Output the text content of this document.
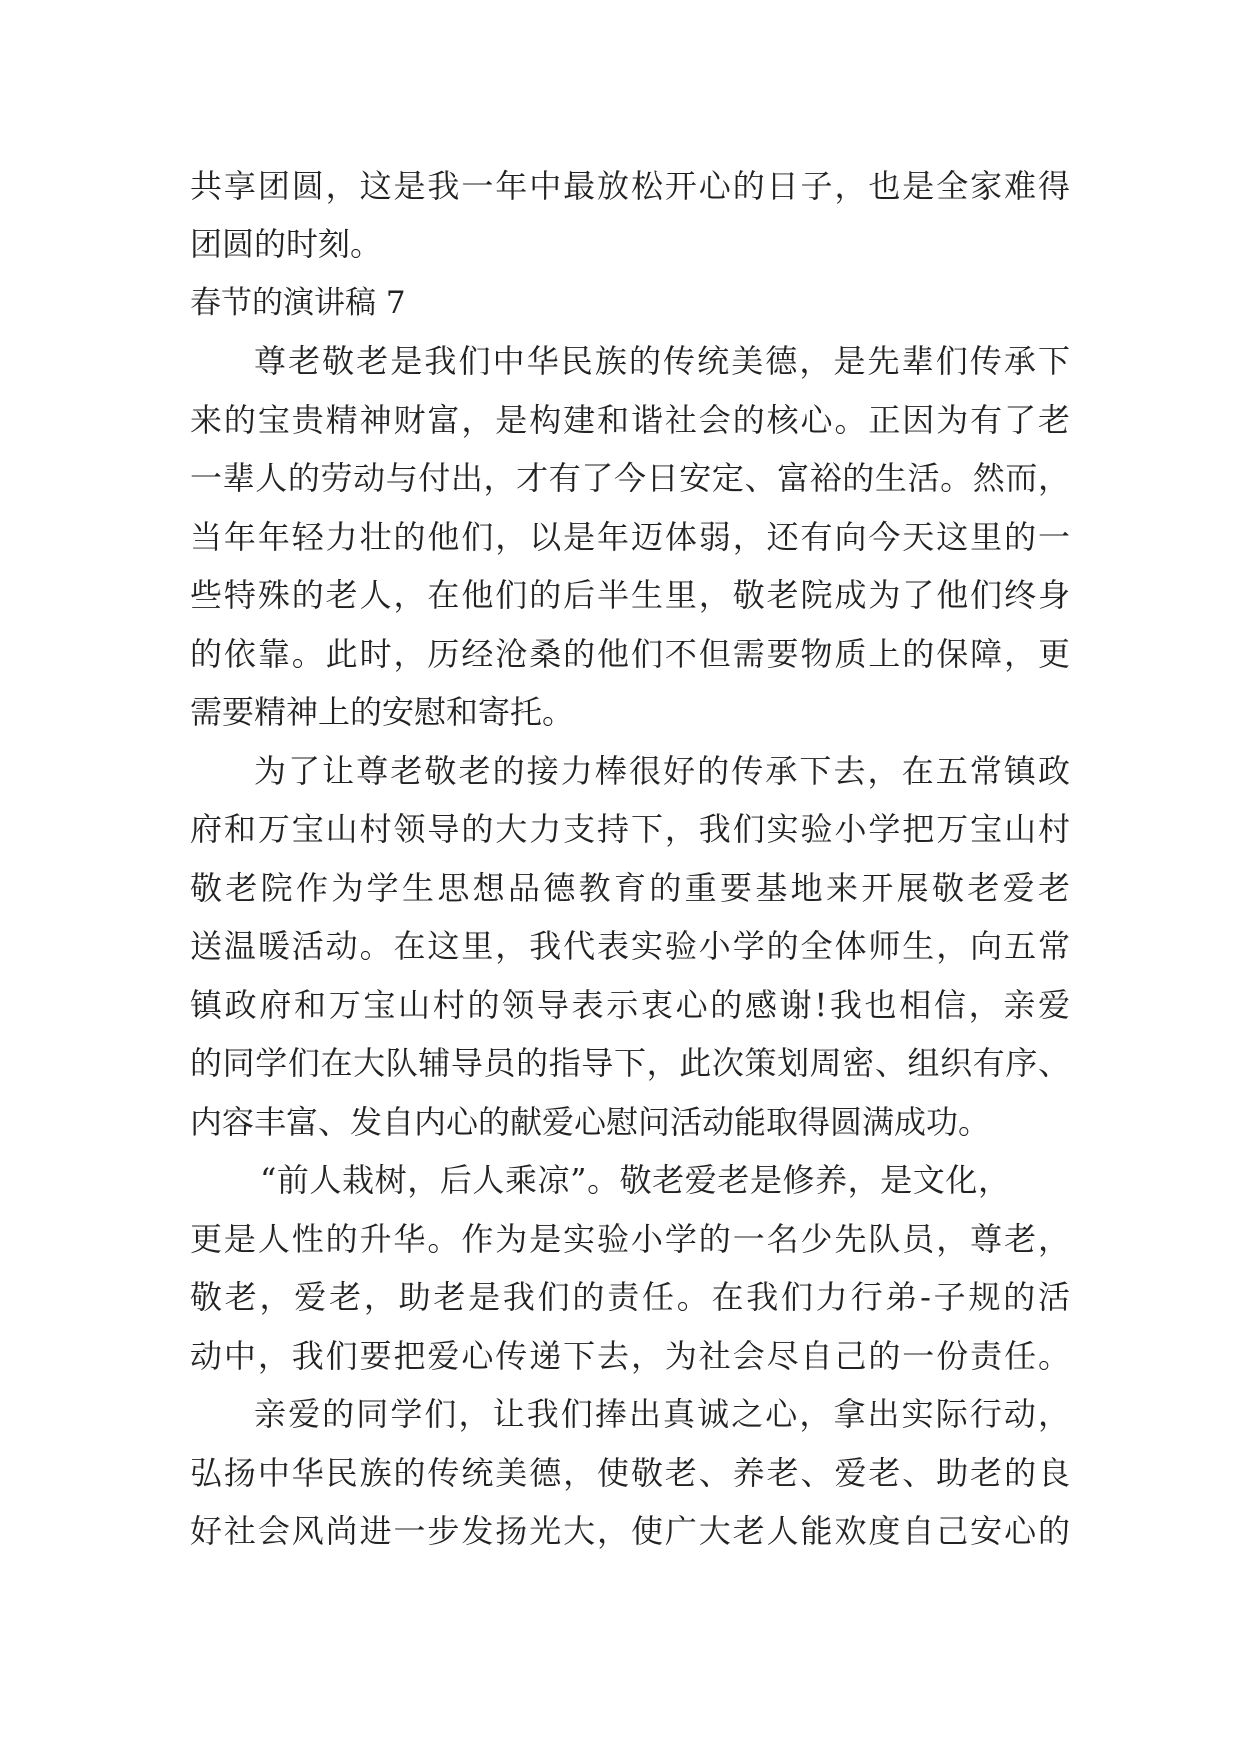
共享团圆，这是我一年中最放松开心的日子，也是全家难得
团圆的时刻。
春节的演讲稿 7
尊老敬老是我们中华民族的传统美德，是先辈们传承下
来的宝贵精神财富，是构建和谐社会的核心。正因为有了老
一辈人的劳动与付出，才有了今日安定、富裕的生活。然而，
当年年轻力壮的他们，以是年迈体弱，还有向今天这里的一
些特殊的老人，在他们的后半生里，敬老院成为了他们终身
的依靠。此时，历经沧桑的他们不但需要物质上的保障，更
需要精神上的安慰和寄托。
为了让尊老敬老的接力棒很好的传承下去，在五常镇政
府和万宝山村领导的大力支持下，我们实验小学把万宝山村
敬老院作为学生思想品德教育的重要基地来开展敬老爱老
送温暖活动。在这里，我代表实验小学的全体师生，向五常
镇政府和万宝山村的领导表示衷心的感谢!我也相信，亲爱
的同学们在大队辅导员的指导下，此次策划周密、组织有序、
内容丰富、发自内心的献爱心慰问活动能取得圆满成功。
“前人栽树，后人乘凉”。敬老爱老是修养，是文化，
更是人性的升华。作为是实验小学的一名少先队员，尊老，
敬老，爱老，助老是我们的责任。在我们力行弟-子规的活
动中，我们要把爱心传递下去，为社会尽自己的一份责任。
亲爱的同学们，让我们捧出真诚之心，拿出实际行动，
弘扬中华民族的传统美德，使敬老、养老、爱老、助老的良
好社会风尚进一步发扬光大，使广大老人能欢度自己安心的
